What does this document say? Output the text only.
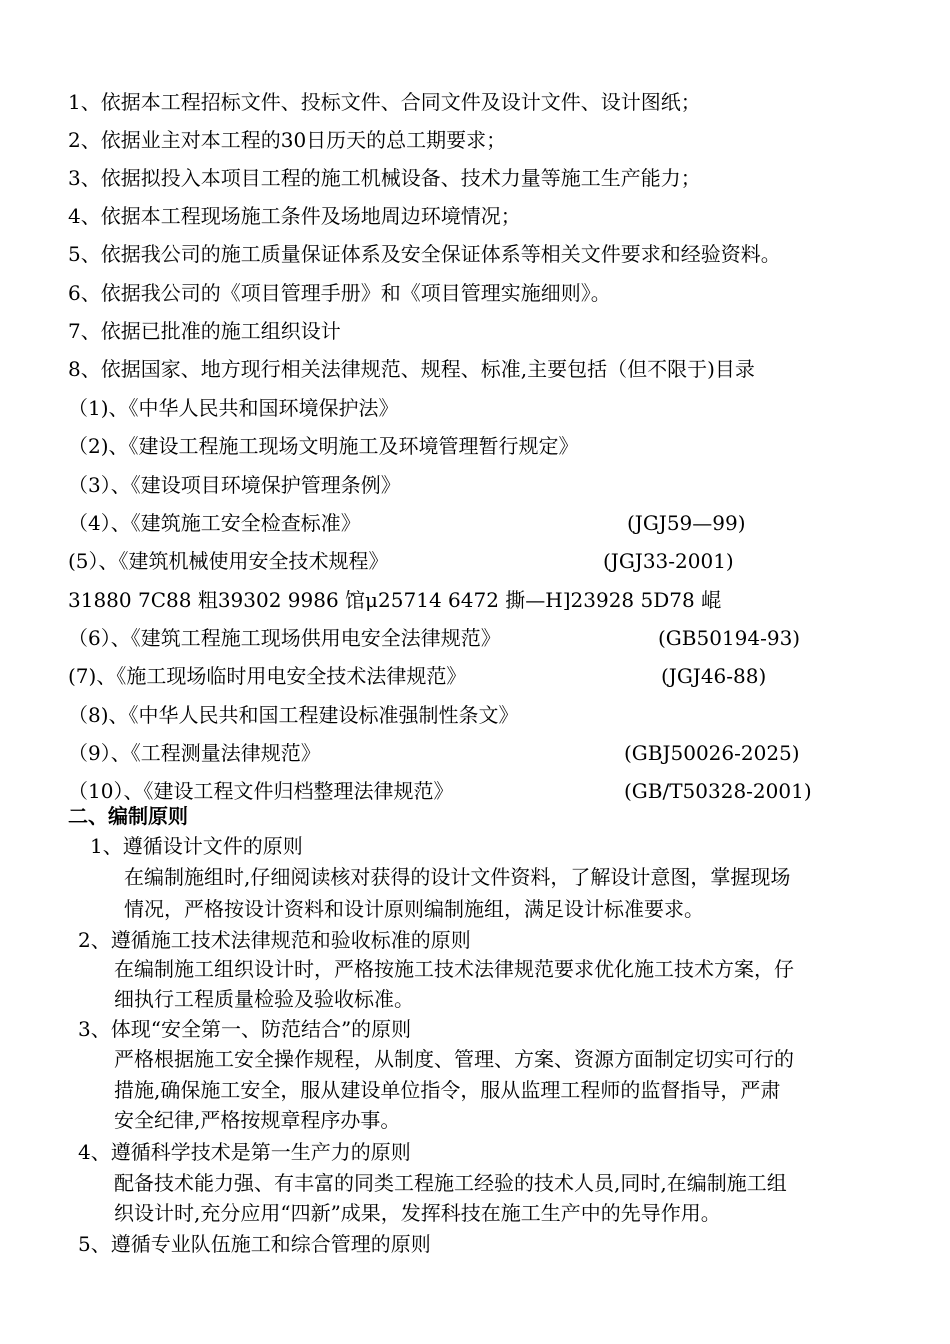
1、依据本工程招标文件、投标文件、合同文件及设计文件、设计图纸；
2、依据业主对本工程的30日历天的总工期要求；
3、依据拟投入本项目工程的施工机械设备、技术力量等施工生产能力；
4、依据本工程现场施工条件及场地周边环境情况；
5、依据我公司的施工质量保证体系及安全保证体系等相关文件要求和经验资料。
6、依据我公司的《项目管理手册》和《项目管理实施细则》。
7、依据已批准的施工组织设计
8、依据国家、地方现行相关法律规范、规程、标准,主要包括（但不限于)目录
（1)、《中华人民共和国环境保护法》
（2)、《建设工程施工现场文明施工及环境管理暂行规定》
（3）、《建设项目环境保护管理条例》
（4）、《建筑施工安全检查标准》	(JGJ59—99)
(5）、《建筑机械使用安全技术规程》	(JGJ33-2001)
31880 7C88 粗39302 9986 馆μ25714 6472 撕—H]23928 5D78 崐
（6）、《建筑工程施工现场供用电安全法律规范》	(GB50194-93)
(7)、《施工现场临时用电安全技术法律规范》	(JGJ46-88)
（8)、《中华人民共和国工程建设标准强制性条文》
（9）、《工程测量法律规范》	(GBJ50026-2025)
（10）、《建设工程文件归档整理法律规范》	(GB/T50328-2001)
二、编制原则
1、遵循设计文件的原则
在编制施组时,仔细阅读核对获得的设计文件资料，了解设计意图，掌握现场
情况，严格按设计资料和设计原则编制施组，满足设计标准要求。
2、遵循施工技术法律规范和验收标准的原则
在编制施工组织设计时，严格按施工技术法律规范要求优化施工技术方案，仔
细执行工程质量检验及验收标准。
3、体现“安全第一、防范结合”的原则
严格根据施工安全操作规程，从制度、管理、方案、资源方面制定切实可行的
措施,确保施工安全，服从建设单位指令，服从监理工程师的监督指导，严肃
安全纪律,严格按规章程序办事。
4、遵循科学技术是第一生产力的原则
配备技术能力强、有丰富的同类工程施工经验的技术人员,同时,在编制施工组
织设计时,充分应用“四新”成果，发挥科技在施工生产中的先导作用。
5、遵循专业队伍施工和综合管理的原则
